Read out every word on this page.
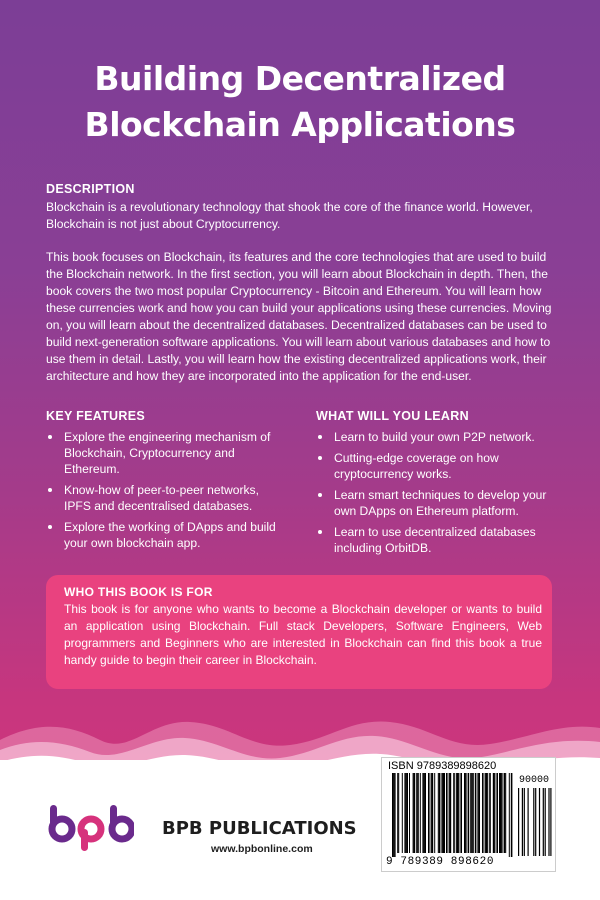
Building Decentralized
Blockchain Applications
DESCRIPTION

Blockchain is a revolutionary technology that shook the core of the finance world. However, Blockchain is not just about Cryptocurrency.

This book focuses on Blockchain, its features and the core technologies that are used to build the Blockchain network. In the first section, you will learn about Blockchain in depth. Then, the book covers the two most popular Cryptocurrency - Bitcoin and Ethereum. You will learn how these currencies work and how you can build your applications using these currencies. Moving on, you will learn about the decentralized databases. Decentralized databases can be used to build next-generation software applications. You will learn about various databases and how to use them in detail. Lastly, you will learn how the existing decentralized applications work, their architecture and how they are incorporated into the application for the end-user.

KEY FEATURES
Explore the engineering mechanism of Blockchain, Cryptocurrency and Ethereum.
Know-how of peer-to-peer networks, IPFS and decentralised databases.
Explore the working of DApps and build your own blockchain app.
WHAT WILL YOU LEARN
Learn to build your own P2P network.
Cutting-edge coverage on how cryptocurrency works.
Learn smart techniques to develop your own DApps on Ethereum platform.
Learn to use decentralized databases including OrbitDB.
WHO THIS BOOK IS FOR

This book is for anyone who wants to become a Blockchain developer or wants to build an application using Blockchain. Full stack Developers, Software Engineers, Web programmers and Beginners who are interested in Blockchain can find this book a true handy guide to begin their career in Blockchain.

BPB PUBLICATIONS

www.bpbonline.com

ISBN 9789389898620
90000
9 789389 898620
